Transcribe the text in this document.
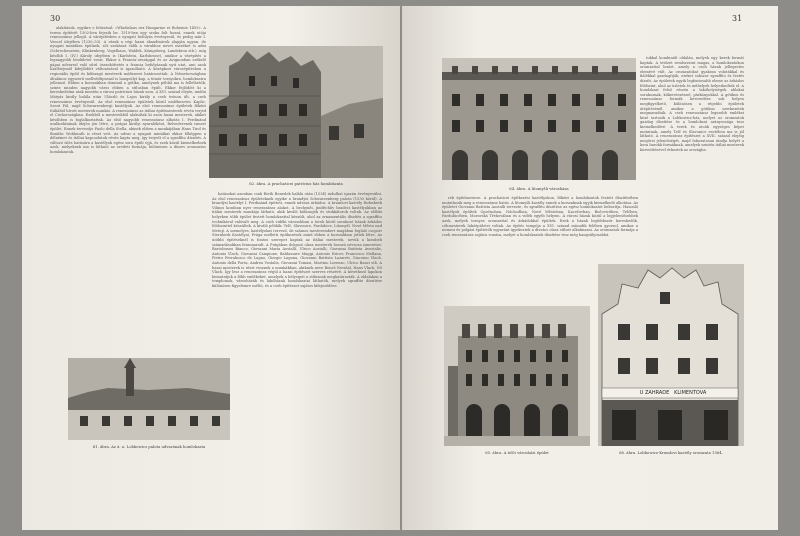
30

alakítások, egyikre e feliratsal: »Wladislaus rex Hungariae et Bohemie 1493«. A terem építését 1502-ben fejezik be. 1510-ben egy szoba folt hozzá, ennek utója renesszánsz jellegű. A várépítésben a nyugati befolyás érvényesül, és pedig már I. Vencel idejében (1230–53). A várak a régi hazai skandinávok alapján ugyan, de nyugati mintákra épülnek, sőt szokássá válik a várakhoz nevet meséket is adni (Schreckenstein, Klinkenberg, Vogelhaus, Waldek, Königsberg, Landskron stb.), míg később I. (IV.) Károly idejében is (Karlstein, Karlskrone), amikor a várépítés a legnagyobb lendületet veszi. Ekkor a Francia-országgal és az Avignonban székelő pápai udvarral való sűrű összeköttetés a francia befolyásnak nyit utat, ami azok Karlštejnnél kifejlődött változásával is igazolható. A középkori városépítésben a regionális építő és kőfaragó mesterek módszerei határozottak. A Németországban általános egyszerű mellvédtípussal is hangsúlyt kap, a tömör tornyokra, homlokzatra jellemző. Ebben a korszakban dominál a gótika, amelynek példái ma is fellelhetők; szinte minden nagyobb város ebben a stílusban épült. Ekkor fejlődött ki a kereskedelmi utak mentén a városi patríciusi házak sora. A XVI. század elején, midőn Mátyás király halála után Ulászló és Lajos király a cseh trónon ült, a cseh renesszánsz érvényesül. Az első reneszánsz épületek közül emlékezetes Kaplic, Szent Pál, majd Schwarzenbergi kastélyok. Az első renesszánsz épületek főként Itáliából hívott mesterek munkái. A renesszánsz az itáliai építőmesterek révén terjed el Csehországban. Ezekből a mesterekből alakultak ki azon hazai mesterek, akiket későbben is foglalkoztattak. Az első nagyobb renesszánsz alkotás I. Ferdinánd uralkodásának idején jön létre, a prágai királyi nyaralóként, Belvederenek ismert épület. Ennek tervezője Paolo della Stella, akinek ebben a munkájában Hans Tirol és Bonifác Wohlmuth is részt vett. Az udvar a nyugati mintákat ekkor főképpen a délnémet és itáliai kapcsolatok révén kapta meg, így terjedt el a sgraffito díszítés. A változó ízlés hatására a kastélyok egész sora épült újjá, és ezek közül kiemelkednek azok, melyeknek ma is látható az eredeti formája, különösen a díszes oromzatos homlokzatok.

62. ábra. A prachaticei patrícius ház homlokzata

hatásokat azonban csak Rieth Benedek halála után (1534) indulhat igazán érvényesülni. Az első renesszánsz épületeknek egyike a brandýsi Schwarzenberg palota (1530 körül). A brandýsi kastélyt I. Ferdinánd építteti, ennek udvara árkádos. A krumlovi kastély Rožmberk Vilmos korában nyer renesszánsz alakot. A bechyněi, jindřichův hradeci kastélyokban az itáliai mesterek munkája látható, akik kiváló kőfaragók és stukkátorok voltak. Az előbbi helyeken több épület festett homlokzattal készült, ahol az ornamentális díszítés a sgraffito technikával valósult meg. A cseh vidéki városokban a terek körül sorakozó házak árkádos földszinttel készültek. A kiváló példák: Telč, Slavonice, Pardubice, Litomyšl, Nové Město nad Metují. A szemelyes, kastélyokat tervező, de számos mesterembert magában foglaló csoport Sternberk Kastélyai, Prága melletti építkezések mind ebben a korszakban jöttek létre. Az utóbbi építéseknél is fontos szerepet kaptak az itáliai mesterek, nevük a korabeli számadásokban fennmaradt. A Prágában dolgozó olasz mesterek hosszú névsora ismeretes: Bartolomeo Bianco, Giovanni Maria Aostalli, Ulrico Aostalli, Giovanni Battista Avostalis, Antonio Vlach, Giovanni Campione, Baldassare Maggi, Antonio Ericer, Francesco Mellana, Pietro Ferrabosco de Lagno, Giorgio Laguna, Giovanni Battista Lazareti, Giacomo Vlach, Antonio della Porta, Andrea Vostalis, Giovanni Tomasi, Martino Lorenzo, Ulrico Banci stb. A hazai mesterek is részt vesznek a munkákban, akiknek neve Beneš Nevidal, Hans Vlach, Vít Vlach. Így lesz a renesszánsz végül a hazai építészet szerves részévé. A következő lapokon bemutatjuk a főbb emlékeket, amelyek a bélyegeit a stílusnak meghatározták. A oldalakon a templomok, városházák és lakóházak homlokzatai láthatók, melyek sgraffito díszítése különösen figyelemre méltó, és a cseh építészet sajátos kifejeződése.

61. ábra. Az á. u. Lobkowicz palota udvarának homlokzata
31
64. ábra. A litomyšli városháza

tokkal kombinált oldalán, melyek egy kerek formát kaptak. A tetőzet rendszerint magas, a homlokzatokon oromzattal lezárt, amely a cseh házak jellegzetes elemévé vált. Az oromzatokat gyakran volutákkal és fiálékkal gazdagítják, ezeket sokszor sgraffito és festés díszíti. Az épületek egyik legfontosabb eleme az árkádos földszint, ahol az üzletek és műhelyek helyezkedtek el. A homlokzat felső részén a lakóhelyiségek ablakai sorakoznak, kőkeretezéssel, párkányokkal. A gótikus és renesszánsz formák keveredése sok helyen megfigyelhető, különösen a régebbi épületek átépítésénél, amikor a gótikus szerkezetek megmaradtak. A cseh renesszánsz legszebb emlékei közé tartozik a Lobkowicz-ház, melyet az oromzatok gazdag díszítése és a homlokzat arányossága tesz kiemelkedővé. A terek és utcák egységes képet mutatnak, amely Telč és Slavonice esetében ma is jól látható. A renesszánsz építészet a XVII. század elejéig megőrzi jelentőségét, majd fokozatosan átadja helyét a kora barokk formáknak, amelyek szintén itáliai mesterek közvetítésével érkeztek az országba.

rek építőmestere. A prachaticei építkezési kastélyokon, főként a homlokzatok festett díszítésében mutatkozik meg a renesszánsz hatás. A litomyšli kastély ennek a korszaknak egyik kiemelkedő alkotása. Az épületet Giovanni Battista Aostalli tervezte, és sgraffito díszítése az egész homlokzatot beborítja. Hasonló kastélyok épültek Opočnoban, Náchodban, Nové Městoban, Kaceřovban, Bučovicében, Telčben, Pardubicében, Moravská Třebovában és a vidék egyéb helyein. A városi házak közül a legjelentősebbek azok, melyek tornyos oromzattal és árkádokkal épültek. Ezek a házak legtöbbször kereskedők, céhmesterek lakóépületei voltak. Az építés tempója a XVI. század második felében gyorsul, amikor a nemesi és polgári építtetők egyaránt igyekeztek a divatos olasz stílust alkalmazni. Az oromzatok formája a cseh renesszánsz sajátos vonása, melyet a homlokzatok díszítése tesz még hangsúlyosabbá.

65. ábra. A telči városházi épület
U ZAHRADE   KLIMENTOVA
66. ábra. Lobkowicz-Krumlovi kastély oromzata 1564.
